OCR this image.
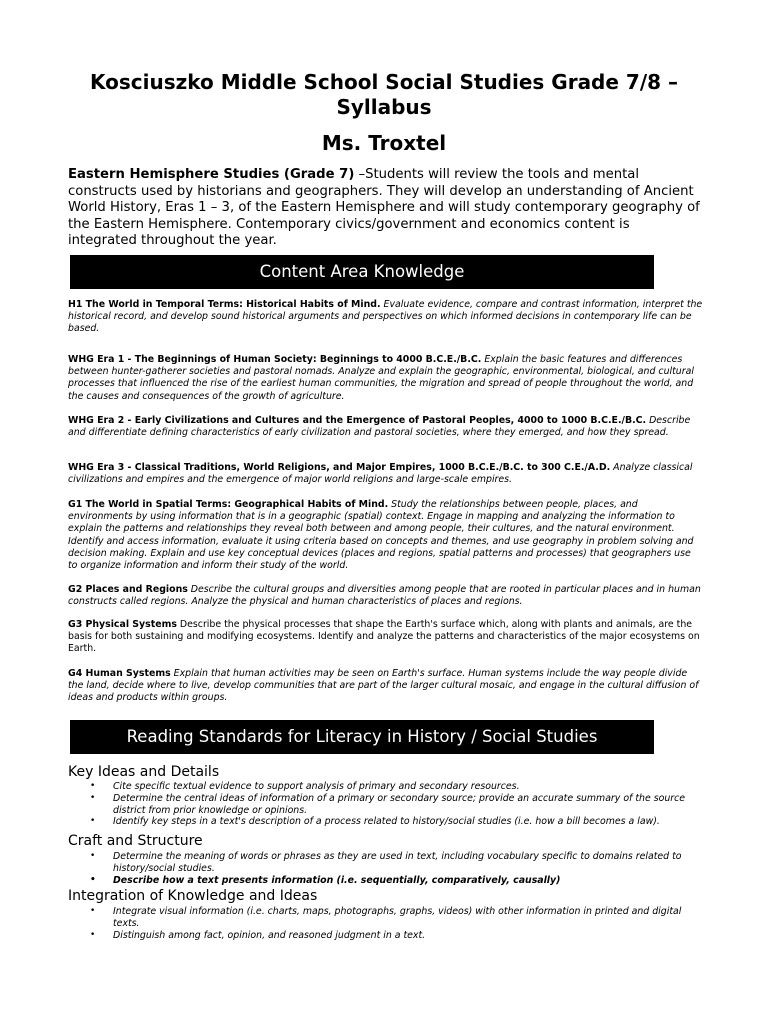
Kosciuszko Middle School Social Studies Grade 7/8 – Syllabus
Ms. Troxtel
Eastern Hemisphere Studies (Grade 7) –Students will review the tools and mental constructs used by historians and geographers. They will develop an understanding of Ancient World History, Eras 1 – 3, of the Eastern Hemisphere and will study contemporary geography of the Eastern Hemisphere. Contemporary civics/government and economics content is integrated throughout the year.
Content Area Knowledge
H1 The World in Temporal Terms: Historical Habits of Mind. Evaluate evidence, compare and contrast information, interpret the historical record, and develop sound historical arguments and perspectives on which informed decisions in contemporary life can be based.
WHG Era 1 - The Beginnings of Human Society: Beginnings to 4000 B.C.E./B.C. Explain the basic features and differences between hunter-gatherer societies and pastoral nomads. Analyze and explain the geographic, environmental, biological, and cultural processes that influenced the rise of the earliest human communities, the migration and spread of people throughout the world, and the causes and consequences of the growth of agriculture.
WHG Era 2 - Early Civilizations and Cultures and the Emergence of Pastoral Peoples, 4000 to 1000 B.C.E./B.C. Describe and differentiate defining characteristics of early civilization and pastoral societies, where they emerged, and how they spread.
WHG Era 3 - Classical Traditions, World Religions, and Major Empires, 1000 B.C.E./B.C. to 300 C.E./A.D. Analyze classical civilizations and empires and the emergence of major world religions and large-scale empires.
G1 The World in Spatial Terms: Geographical Habits of Mind. Study the relationships between people, places, and environments by using information that is in a geographic (spatial) context. Engage in mapping and analyzing the information to explain the patterns and relationships they reveal both between and among people, their cultures, and the natural environment. Identify and access information, evaluate it using criteria based on concepts and themes, and use geography in problem solving and decision making. Explain and use key conceptual devices (places and regions, spatial patterns and processes) that geographers use to organize information and inform their study of the world.
G2 Places and Regions Describe the cultural groups and diversities among people that are rooted in particular places and in human constructs called regions. Analyze the physical and human characteristics of places and regions.
G3 Physical Systems Describe the physical processes that shape the Earth's surface which, along with plants and animals, are the basis for both sustaining and modifying ecosystems. Identify and analyze the patterns and characteristics of the major ecosystems on Earth.
G4 Human Systems Explain that human activities may be seen on Earth's surface. Human systems include the way people divide the land, decide where to live, develop communities that are part of the larger cultural mosaic, and engage in the cultural diffusion of ideas and products within groups.
Reading Standards for Literacy in History / Social Studies
Key Ideas and Details
• Cite specific textual evidence to support analysis of primary and secondary resources.
• Determine the central ideas of information of a primary or secondary source; provide an accurate summary of the source district from prior knowledge or opinions.
• Identify key steps in a text's description of a process related to history/social studies (i.e. how a bill becomes a law).
Craft and Structure
• Determine the meaning of words or phrases as they are used in text, including vocabulary specific to domains related to history/social studies.
• Describe how a text presents information (i.e. sequentially, comparatively, causally)
Integration of Knowledge and Ideas
• Integrate visual information (i.e. charts, maps, photographs, graphs, videos) with other information in printed and digital texts.
• Distinguish among fact, opinion, and reasoned judgment in a text.
